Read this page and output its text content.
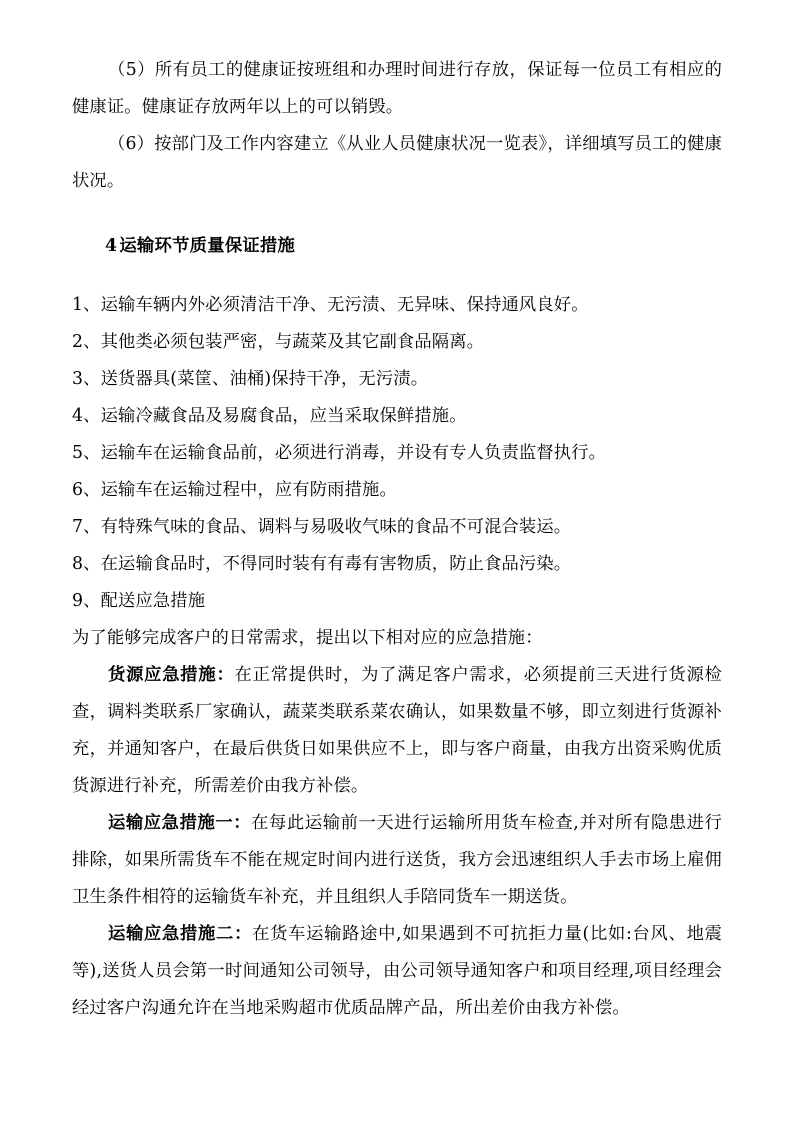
（5）所有员工的健康证按班组和办理时间进行存放，保证每一位员工有相应的健康证。健康证存放两年以上的可以销毁。

（6）按部门及工作内容建立《从业人员健康状况一览表》，详细填写员工的健康状况。

4 运输环节质量保证措施
1、运输车辆内外必须清洁干净、无污渍、无异味、保持通风良好。
2、其他类必须包装严密，与蔬菜及其它副食品隔离。
3、送货器具(菜筐、油桶)保持干净，无污渍。
4、运输冷藏食品及易腐食品，应当采取保鲜措施。
5、运输车在运输食品前，必须进行消毒，并设有专人负责监督执行。
6、运输车在运输过程中，应有防雨措施。
7、有特殊气味的食品、调料与易吸收气味的食品不可混合装运。
8、在运输食品时，不得同时装有有毒有害物质，防止食品污染。
9、配送应急措施

为了能够完成客户的日常需求，提出以下相对应的应急措施：

货源应急措施：在正常提供时，为了满足客户需求，必须提前三天进行货源检查，调料类联系厂家确认，蔬菜类联系菜农确认，如果数量不够，即立刻进行货源补充，并通知客户，在最后供货日如果供应不上，即与客户商量，由我方出资采购优质货源进行补充，所需差价由我方补偿。

运输应急措施一：在每此运输前一天进行运输所用货车检查,并对所有隐患进行排除，如果所需货车不能在规定时间内进行送货，我方会迅速组织人手去市场上雇佣卫生条件相符的运输货车补充，并且组织人手陪同货车一期送货。

运输应急措施二：在货车运输路途中,如果遇到不可抗拒力量(比如:台风、地震等),送货人员会第一时间通知公司领导，由公司领导通知客户和项目经理,项目经理会经过客户沟通允许在当地采购超市优质品牌产品，所出差价由我方补偿。
